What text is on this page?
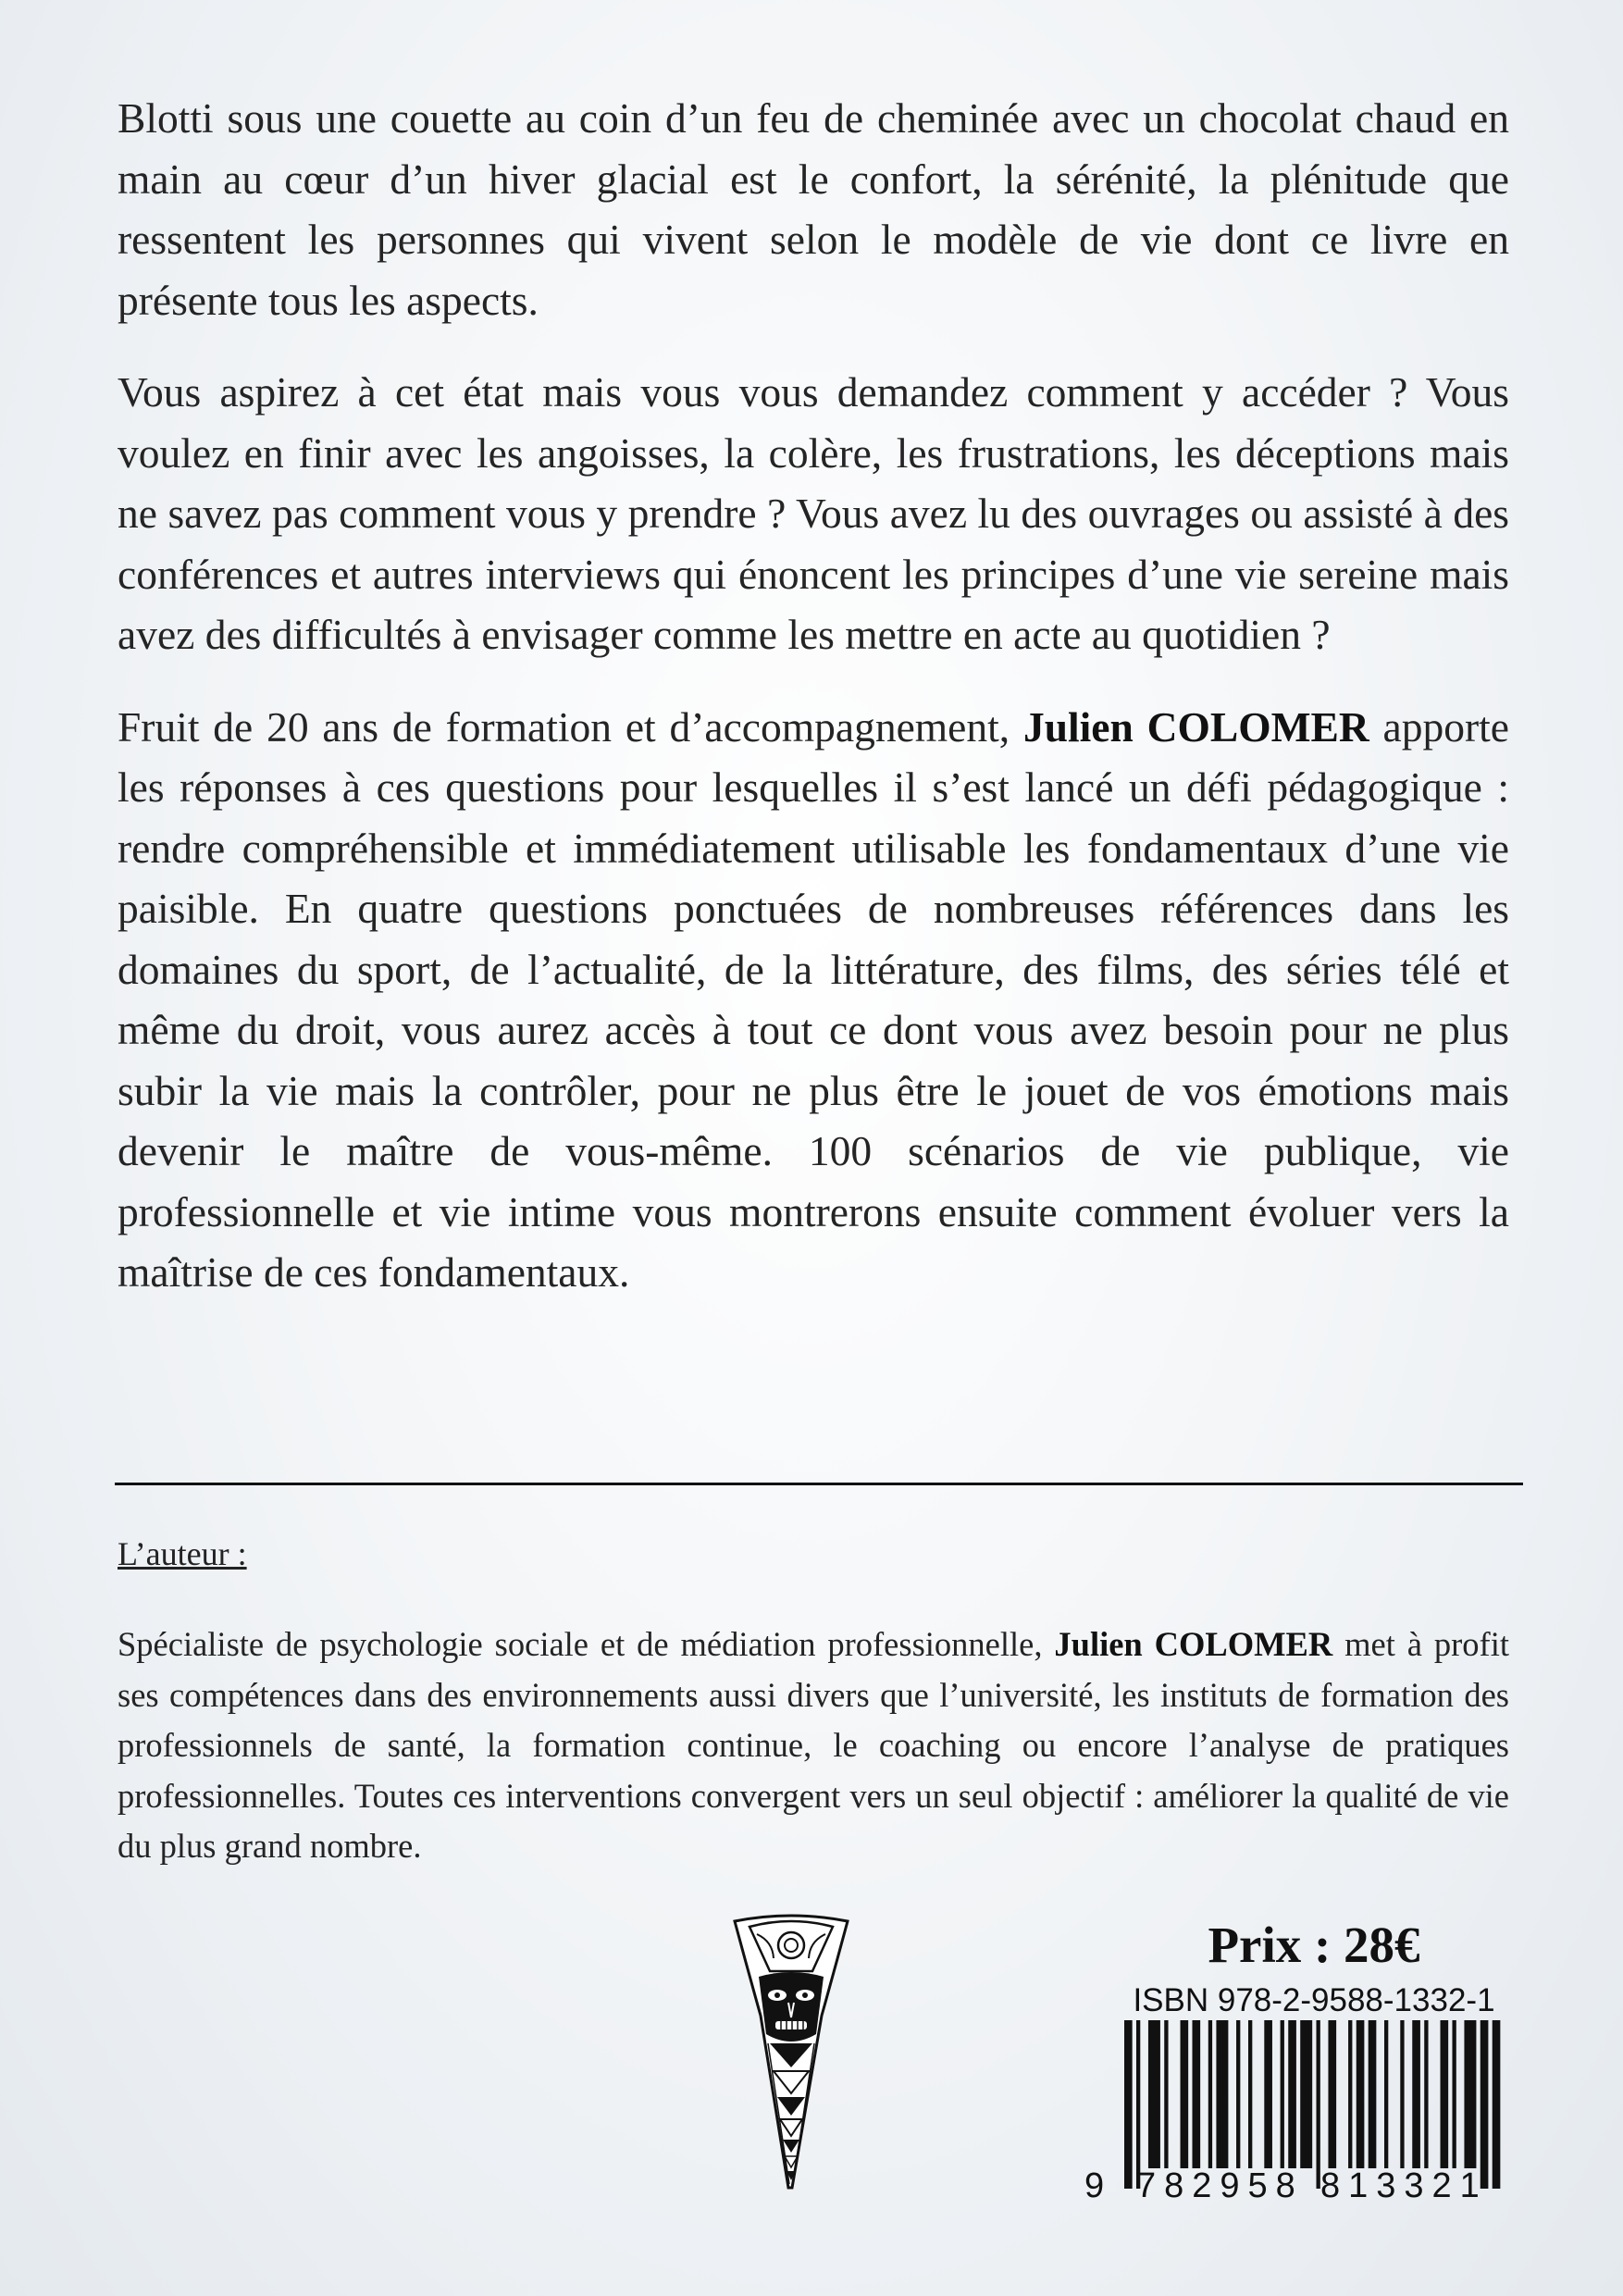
Blotti sous une couette au coin d’un feu de cheminée avec un chocolat chaud en main au cœur d’un hiver glacial est le confort, la sérénité, la plénitude que ressentent les personnes qui vivent selon le modèle de vie dont ce livre en présente tous les aspects.

Vous aspirez à cet état mais vous vous demandez comment y accéder ? Vous voulez en finir avec les angoisses, la colère, les frustrations, les déceptions mais ne savez pas comment vous y prendre ? Vous avez lu des ouvrages ou assisté à des conférences et autres interviews qui énoncent les principes d’une vie sereine mais avez des difficultés à envisager comme les mettre en acte au quotidien ?

Fruit de 20 ans de formation et d’accompagnement, Julien COLOMER apporte les réponses à ces questions pour lesquelles il s’est lancé un défi pédagogique : rendre compréhensible et immédiatement utilisable les fondamentaux d’une vie paisible. En quatre questions ponctuées de nombreuses références dans les domaines du sport, de l’actualité, de la littérature, des films, des séries télé et même du droit, vous aurez accès à tout ce dont vous avez besoin pour ne plus subir la vie mais la contrôler, pour ne plus être le jouet de vos émotions mais devenir le maître de vous-même. 100 scénarios de vie publique, vie professionnelle et vie intime vous montrerons ensuite comment évoluer vers la maîtrise de ces fondamentaux.

L’auteur :

Spécialiste de psychologie sociale et de médiation professionnelle, Julien COLOMER met à profit ses compétences dans des environnements aussi divers que l’université, les instituts de formation des professionnels de santé, la formation continue, le coaching ou encore l’analyse de pratiques professionnelles. Toutes ces interventions convergent vers un seul objectif : améliorer la qualité de vie du plus grand nombre.

Prix : 28€
ISBN 978-2-9588-1332-1
9 782958 813321
